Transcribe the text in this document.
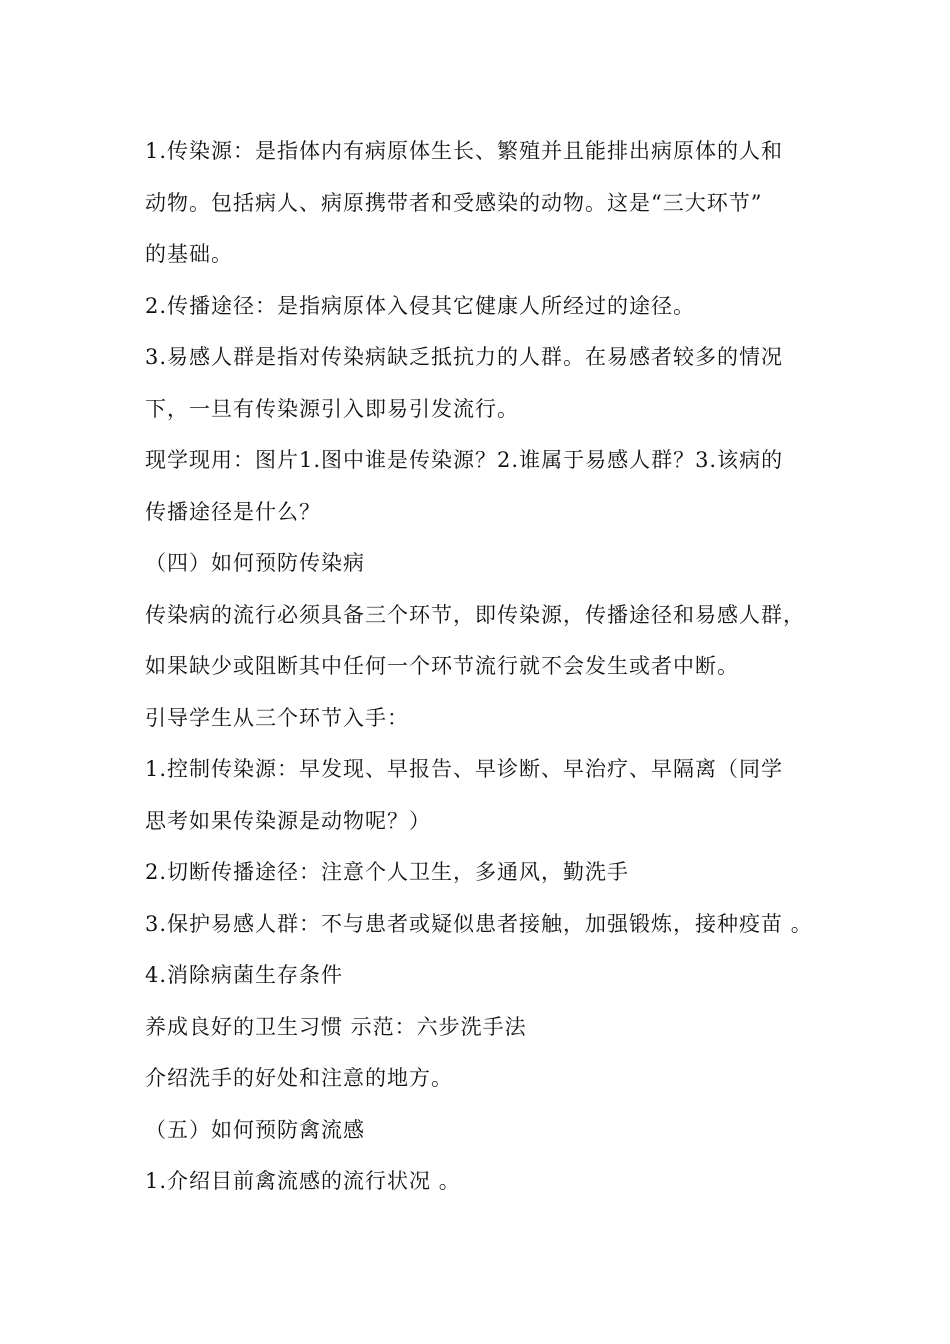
1.传染源：是指体内有病原体生长、繁殖并且能排出病原体的人和
动物。包括病人、病原携带者和受感染的动物。这是“三大环节”
的基础。
2.传播途径：是指病原体入侵其它健康人所经过的途径。
3.易感人群是指对传染病缺乏抵抗力的人群。在易感者较多的情况
下，一旦有传染源引入即易引发流行。
现学现用：图片1.图中谁是传染源？2.谁属于易感人群？3.该病的
传播途径是什么？
（四）如何预防传染病
传染病的流行必须具备三个环节，即传染源，传播途径和易感人群，
如果缺少或阻断其中任何一个环节流行就不会发生或者中断。
引导学生从三个环节入手：
1.控制传染源：早发现、早报告、早诊断、早治疗、早隔离（同学
思考如果传染源是动物呢？）
2.切断传播途径：注意个人卫生，多通风，勤洗手
3.保护易感人群：不与患者或疑似患者接触，加强锻炼，接种疫苗 。
4.消除病菌生存条件
养成良好的卫生习惯 示范：六步洗手法
介绍洗手的好处和注意的地方。
（五）如何预防禽流感
1.介绍目前禽流感的流行状况 。
